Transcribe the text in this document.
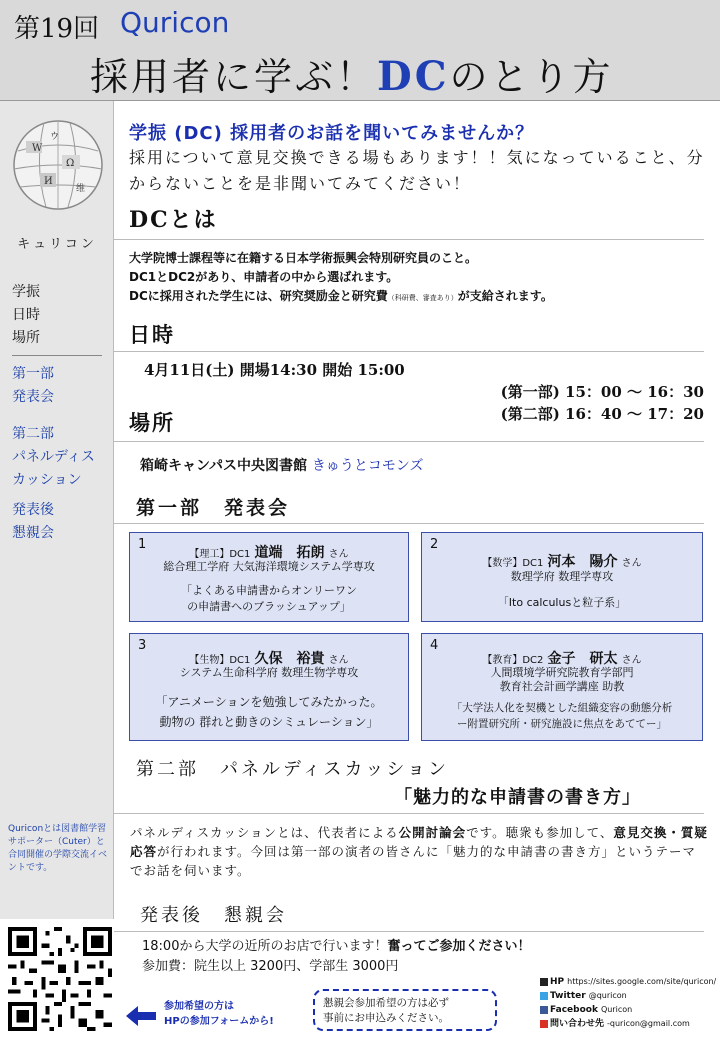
第19回 Quricon
採用者に学ぶ！DCのとり方
W
Ω
И
ウ
维
キュリコン
学振
日時
場所
第一部
発表会
第二部
パネルディス
カッション
発表後
懇親会
Quriconとは図書館学習サポーター（Cuter）と合同開催の学際交流イベントです。
学振 (DC) 採用者のお話を聞いてみませんか？
採用について意見交換できる場もあります！！気になっていること、分からないことを是非聞いてみてください！
DCとは
大学院博士課程等に在籍する日本学術振興会特別研究員のこと。
DC1とDC2があり、申請者の中から選ばれます。
DCに採用された学生には、研究奨励金と研究費（科研費、審査あり）が支給されます。
日時
4月11日(土) 開場14:30 開始 15:00
(第一部) 15：00 ～ 16：30
(第二部) 16：40 ～ 17：20
場所
箱崎キャンパス中央図書館 きゅうとコモンズ
第一部　発表会
1
【理工】DC1 道端　拓朗 さん
総合理工学府 大気海洋環境システム学専攻
「よくある申請書からオンリーワン
の申請書へのブラッシュアップ」
2
【数学】DC1 河本　陽介 さん
数理学府 数理学専攻
「Ito calculusと粒子系」
3
【生物】DC1 久保　裕貴 さん
システム生命科学府 数理生物学専攻
「アニメーションを勉強してみたかった。
動物の 群れと動きのシミュレーション」
4
【教育】DC2 金子　研太 さん
人間環境学研究院教育学部門
教育社会計画学講座 助教
「大学法人化を契機とした組織変容の動態分析
ー附置研究所・研究施設に焦点をあててー」
第二部　パネルディスカッション
「魅力的な申請書の書き方」
パネルディスカッションとは、代表者による公開討論会です。聴衆も参加して、意見交換・質疑応答が行われます。今回は第一部の演者の皆さんに「魅力的な申請書の書き方」というテーマでお話を伺います。
発表後　懇親会
18:00から大学の近所のお店で行います！奮ってご参加ください！
参加費：院生以上 3200円、学部生 3000円
参加希望の方は
HPの参加フォームから!
懇親会参加希望の方は必ず
事前にお申込みください。
HP https://sites.google.com/site/quricon/
Twitter @quricon
Facebook Quricon
問い合わせ先 -quricon@gmail.com
